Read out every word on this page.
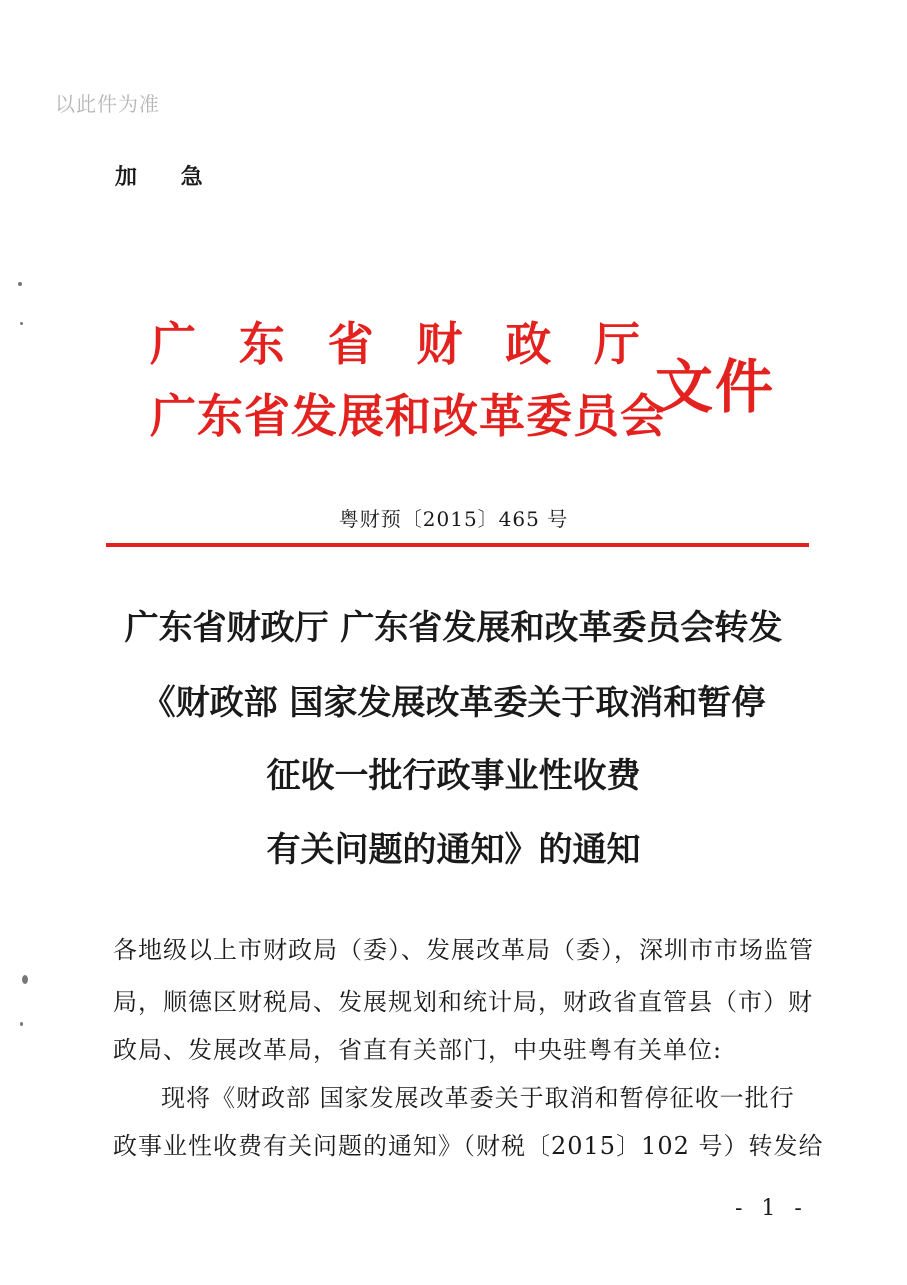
以此件为准
加 急
广 东 省 财 政 厅
广东省发展和改革委员会
文件
粤财预〔2015〕465 号
广东省财政厅 广东省发展和改革委员会转发
《财政部 国家发展改革委关于取消和暂停
征收一批行政事业性收费
有关问题的通知》的通知
各地级以上市财政局（委）、发展改革局（委），深圳市市场监管
局，顺德区财税局、发展规划和统计局，财政省直管县（市）财
政局、发展改革局，省直有关部门，中央驻粤有关单位:
现将《财政部 国家发展改革委关于取消和暂停征收一批行
政事业性收费有关问题的通知》（财税〔2015〕102 号）转发给
- 1 -
